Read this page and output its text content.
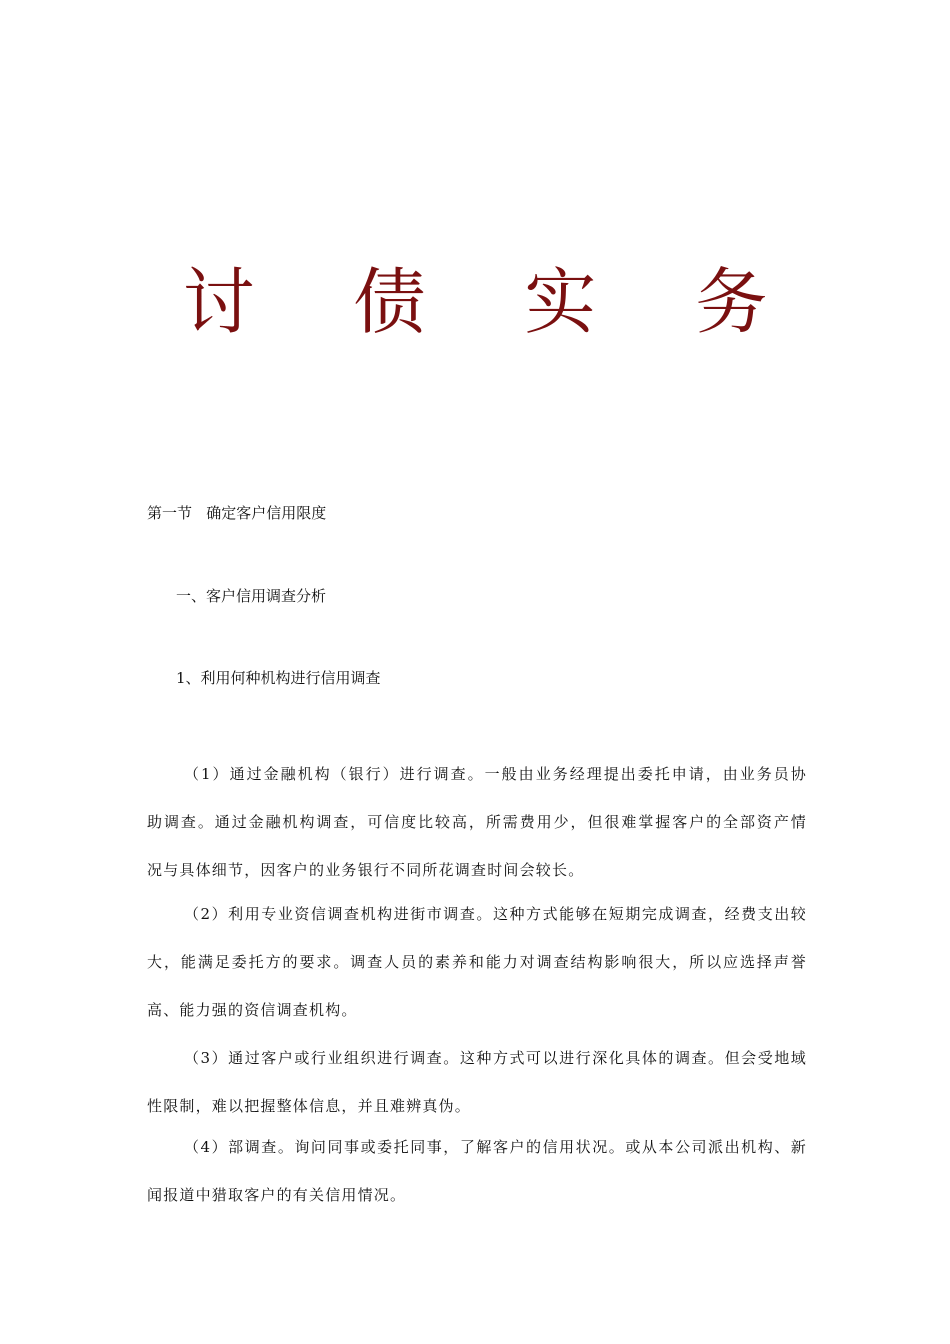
讨 债 实 务
第一节   确定客户信用限度
一、客户信用调查分析
1、利用何种机构进行信用调查
（1）通过金融机构（银行）进行调查。一般由业务经理提出委托申请，由业务员协
助调查。通过金融机构调查，可信度比较高，所需费用少，但很难掌握客户的全部资产情
况与具体细节，因客户的业务银行不同所花调查时间会较长。
（2）利用专业资信调查机构进街市调查。这种方式能够在短期完成调查，经费支出较
大，能满足委托方的要求。调查人员的素养和能力对调查结构影响很大，所以应选择声誉
高、能力强的资信调查机构。
（3）通过客户或行业组织进行调查。这种方式可以进行深化具体的调查。但会受地域
性限制，难以把握整体信息，并且难辨真伪。
（4）部调查。询问同事或委托同事，了解客户的信用状况。或从本公司派出机构、新
闻报道中猎取客户的有关信用情况。
